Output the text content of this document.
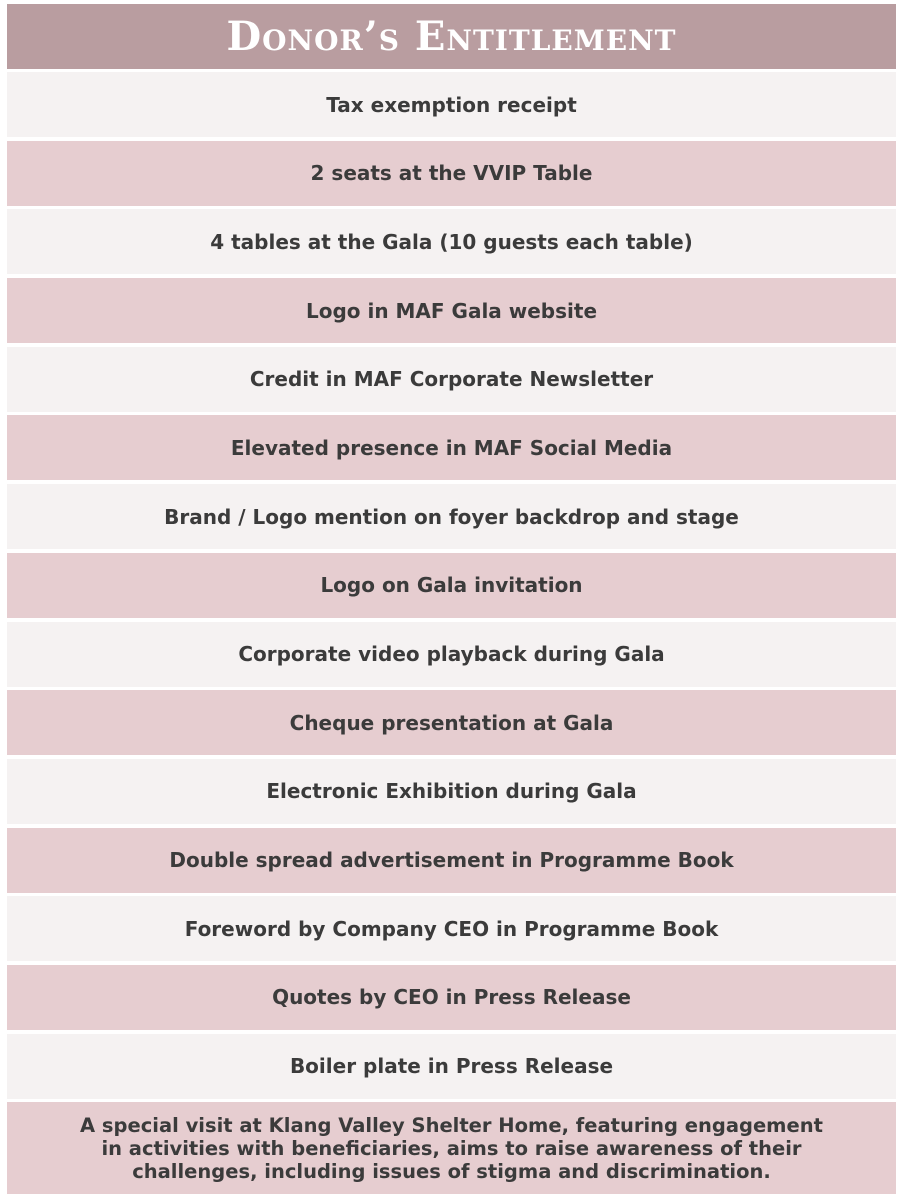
Donor’s Entitlement
Tax exemption receipt
2 seats at the VVIP Table
4 tables at the Gala (10 guests each table)
Logo in MAF Gala website
Credit in MAF Corporate Newsletter
Elevated presence in MAF Social Media
Brand / Logo mention on foyer backdrop and stage
Logo on Gala invitation
Corporate video playback during Gala
Cheque presentation at Gala
Electronic Exhibition during Gala
Double spread advertisement in Programme Book
Foreword by Company CEO in Programme Book
Quotes by CEO in Press Release
Boiler plate in Press Release
A special visit at Klang Valley Shelter Home, featuring engagement in activities with beneficiaries, aims to raise awareness of their challenges, including issues of stigma and discrimination.
